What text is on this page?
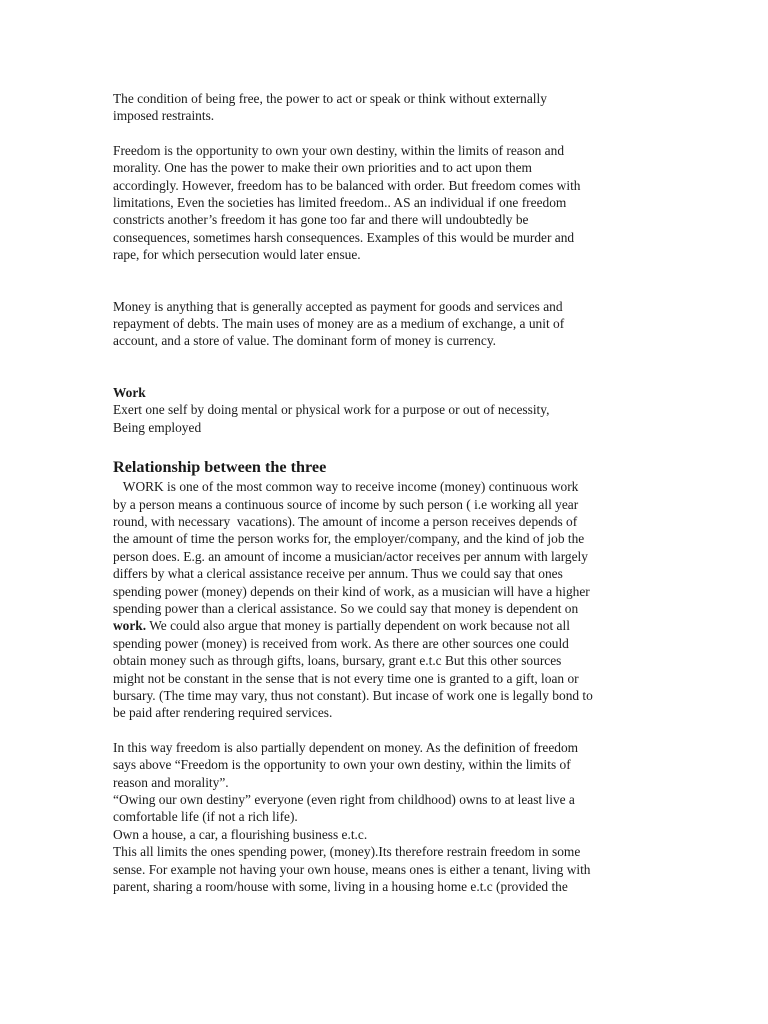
The condition of being free, the power to act or speak or think without externally
imposed restraints.

Freedom is the opportunity to own your own destiny, within the limits of reason and
morality. One has the power to make their own priorities and to act upon them
accordingly. However, freedom has to be balanced with order. But freedom comes with
limitations, Even the societies has limited freedom.. AS an individual if one freedom
constricts another’s freedom it has gone too far and there will undoubtedly be
consequences, sometimes harsh consequences. Examples of this would be murder and
rape, for which persecution would later ensue.

Money is anything that is generally accepted as payment for goods and services and
repayment of debts. The main uses of money are as a medium of exchange, a unit of
account, and a store of value. The dominant form of money is currency.

Work
Exert one self by doing mental or physical work for a purpose or out of necessity,
Being employed

Relationship between the three

WORK is one of the most common way to receive income (money) continuous work
by a person means a continuous source of income by such person ( i.e working all year
round, with necessary  vacations). The amount of income a person receives depends of
the amount of time the person works for, the employer/company, and the kind of job the
person does. E.g. an amount of income a musician/actor receives per annum with largely
differs by what a clerical assistance receive per annum. Thus we could say that ones
spending power (money) depends on their kind of work, as a musician will have a higher
spending power than a clerical assistance. So we could say that money is dependent on
work. We could also argue that money is partially dependent on work because not all
spending power (money) is received from work. As there are other sources one could
obtain money such as through gifts, loans, bursary, grant e.t.c But this other sources
might not be constant in the sense that is not every time one is granted to a gift, loan or
bursary. (The time may vary, thus not constant). But incase of work one is legally bond to
be paid after rendering required services.

In this way freedom is also partially dependent on money. As the definition of freedom
says above “Freedom is the opportunity to own your own destiny, within the limits of
reason and morality”.
“Owing our own destiny” everyone (even right from childhood) owns to at least live a
comfortable life (if not a rich life).
Own a house, a car, a flourishing business e.t.c.
This all limits the ones spending power, (money).Its therefore restrain freedom in some
sense. For example not having your own house, means ones is either a tenant, living with
parent, sharing a room/house with some, living in a housing home e.t.c (provided the
